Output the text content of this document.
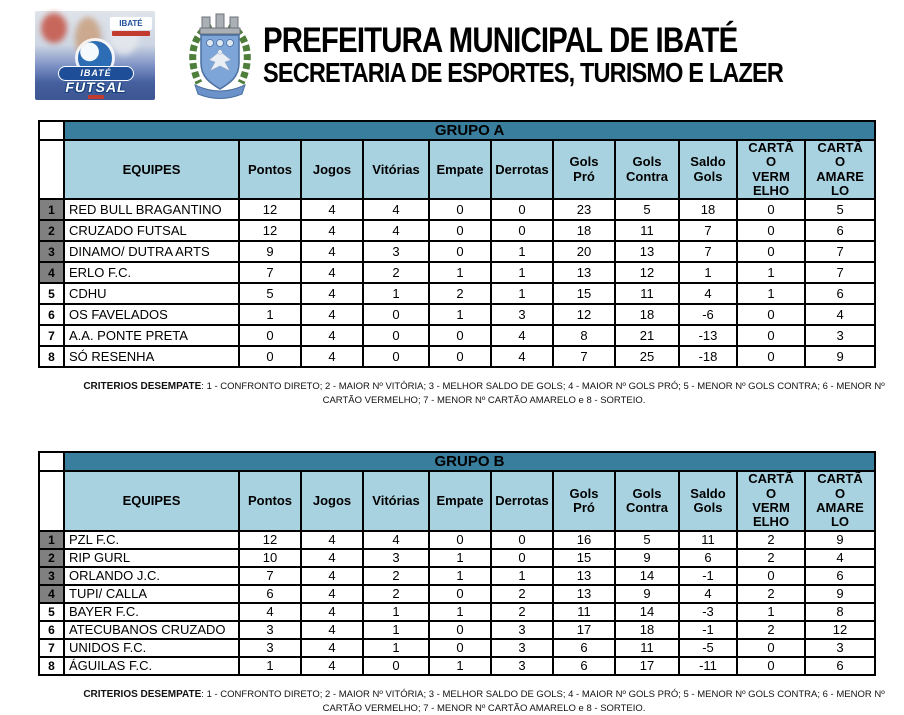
IBATÉ
IBATÉ
FUTSAL
PREFEITURA MUNICIPAL DE IBATÉ
SECRETARIA DE ESPORTES, TURISMO E LAZER
	GRUPO A										
	EQUIPES	Pontos	Jogos	Vitórias	Empate	Derrotas	Gols Pró	Gols Contra	Saldo Gols	CARTÃO VERMELHO	CARTÃO AMARELO
1	RED BULL BRAGANTINO	12	4	4	0	0	23	5	18	0	5
2	CRUZADO FUTSAL	12	4	4	0	0	18	11	7	0	6
3	DINAMO/ DUTRA ARTS	9	4	3	0	1	20	13	7	0	7
4	ERLO F.C.	7	4	2	1	1	13	12	1	1	7
5	CDHU	5	4	1	2	1	15	11	4	1	6
6	OS FAVELADOS	1	4	0	1	3	12	18	-6	0	4
7	A.A. PONTE PRETA	0	4	0	0	4	8	21	-13	0	3
8	SÓ RESENHA	0	4	0	0	4	7	25	-18	0	9

CRITERIOS DESEMPATE: 1 - CONFRONTO DIRETO; 2 - MAIOR Nº VITÓRIA; 3 - MELHOR SALDO DE GOLS; 4 - MAIOR Nº GOLS PRÓ; 5 - MENOR Nº GOLS CONTRA; 6 - MENOR Nº CARTÃO VERMELHO; 7 - MENOR Nº CARTÃO AMARELO e 8 - SORTEIO.

	GRUPO B										
	EQUIPES	Pontos	Jogos	Vitórias	Empate	Derrotas	Gols Pró	Gols Contra	Saldo Gols	CARTÃO VERMELHO	CARTÃO AMARELO
1	PZL F.C.	12	4	4	0	0	16	5	11	2	9
2	RIP GURL	10	4	3	1	0	15	9	6	2	4
3	ORLANDO J.C.	7	4	2	1	1	13	14	-1	0	6
4	TUPI/ CALLA	6	4	2	0	2	13	9	4	2	9
5	BAYER F.C.	4	4	1	1	2	11	14	-3	1	8
6	ATECUBANOS CRUZADO	3	4	1	0	3	17	18	-1	2	12
7	UNIDOS F.C.	3	4	1	0	3	6	11	-5	0	3
8	ÁGUILAS F.C.	1	4	0	1	3	6	17	-11	0	6

CRITERIOS DESEMPATE: 1 - CONFRONTO DIRETO; 2 - MAIOR Nº VITÓRIA; 3 - MELHOR SALDO DE GOLS; 4 - MAIOR Nº GOLS PRÓ; 5 - MENOR Nº GOLS CONTRA; 6 - MENOR Nº CARTÃO VERMELHO; 7 - MENOR Nº CARTÃO AMARELO e 8 - SORTEIO.
